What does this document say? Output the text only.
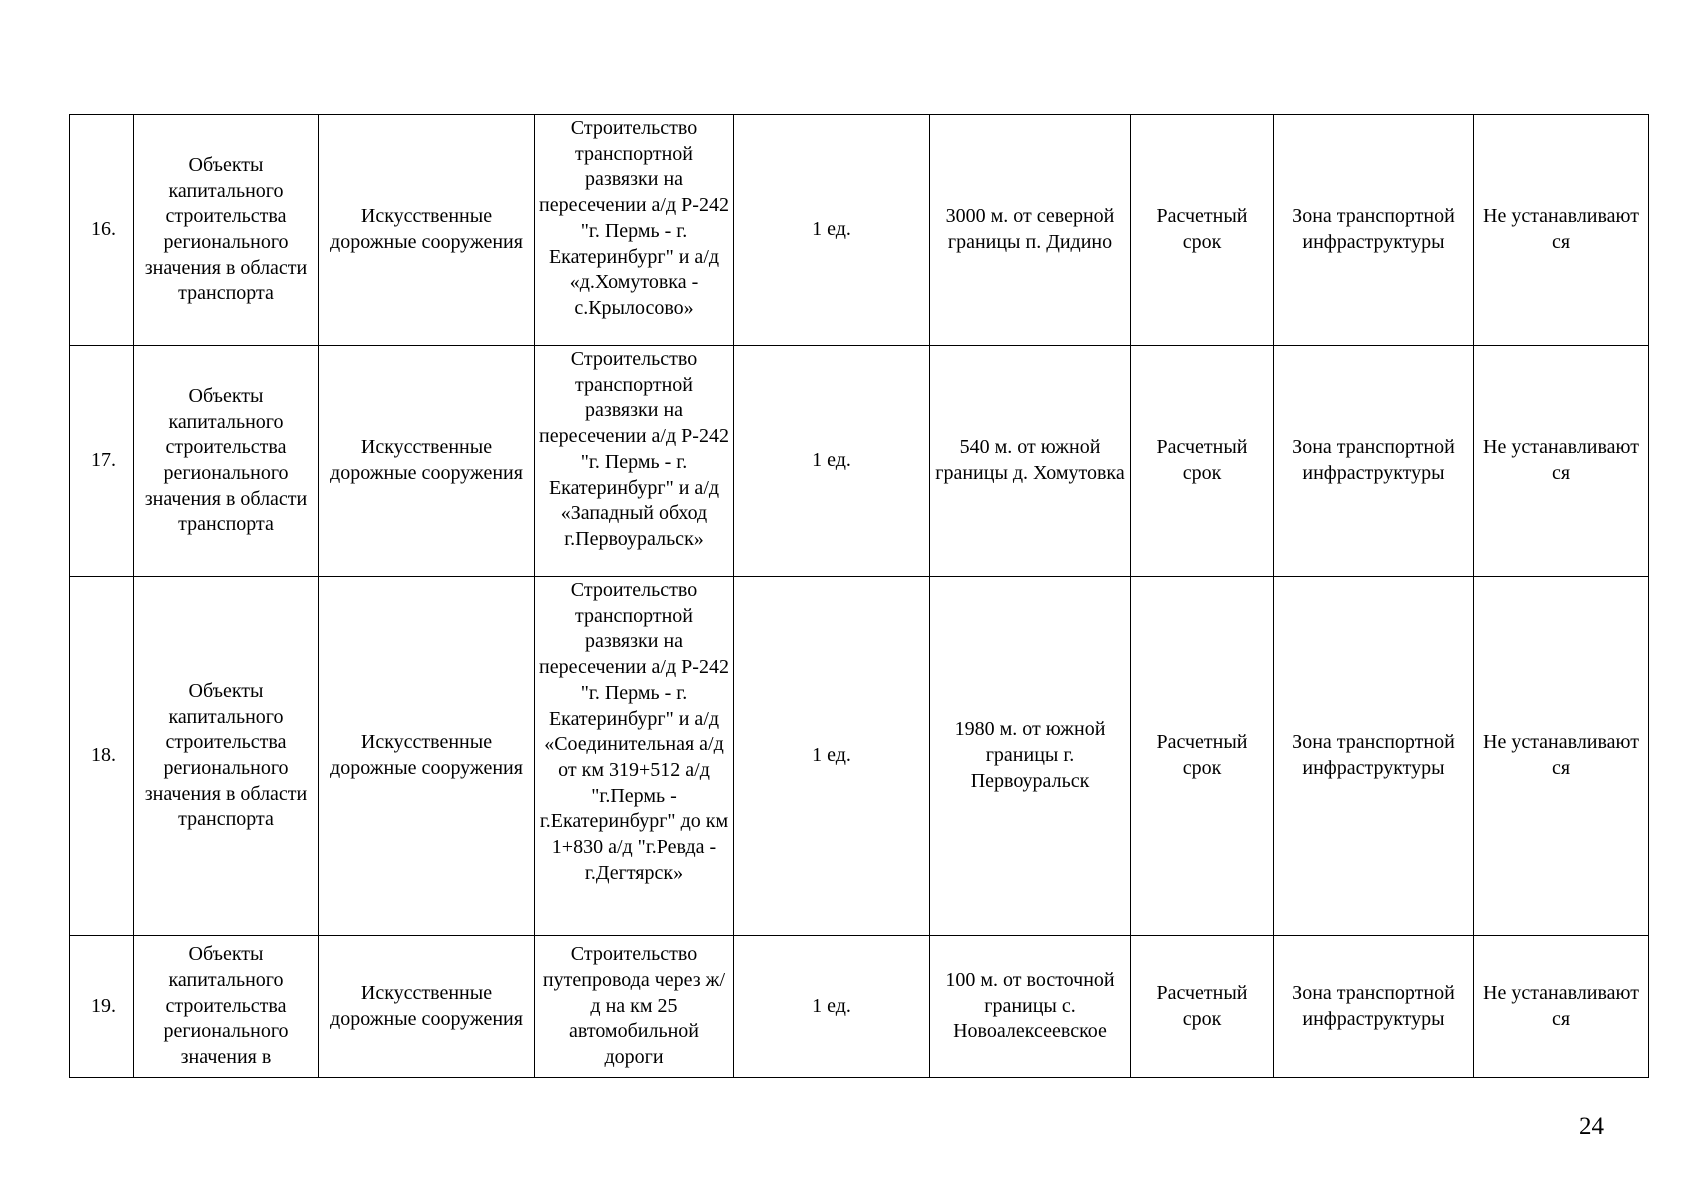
16.	Объекты капитального строительства регионального значения в области транспорта	Искусственные дорожные сооружения	Строительство транспортной развязки на пересечении а/д Р-242 "г. Пермь - г. Екатеринбург" и а/д «д.Хомутовка - с.Крылосово»	1 ед.	3000 м. от северной границы п. Дидино	Расчетный срок	Зона транспортной инфраструктуры	Не устанавливают ся
17.	Объекты капитального строительства регионального значения в области транспорта	Искусственные дорожные сооружения	Строительство транспортной развязки на пересечении а/д Р-242 "г. Пермь - г. Екатеринбург" и а/д «Западный обход г.Первоуральск»	1 ед.	540 м. от южной границы д. Хомутовка	Расчетный срок	Зона транспортной инфраструктуры	Не устанавливают ся
18.	Объекты капитального строительства регионального значения в области транспорта	Искусственные дорожные сооружения	Строительство транспортной развязки на пересечении а/д Р-242 "г. Пермь - г. Екатеринбург" и а/д «Соединительная а/д от км 319+512 а/д "г.Пермь - г.Екатеринбург" до км 1+830 а/д "г.Ревда - г.Дегтярск»	1 ед.	1980 м. от южной границы г. Первоуральск	Расчетный срок	Зона транспортной инфраструктуры	Не устанавливают ся
19.	Объекты капитального строительства регионального значения в	Искусственные дорожные сооружения	Строительство путепровода через ж/д на км 25 автомобильной дороги	1 ед.	100 м. от восточной границы с. Новоалексеевское	Расчетный срок	Зона транспортной инфраструктуры	Не устанавливают ся
24
